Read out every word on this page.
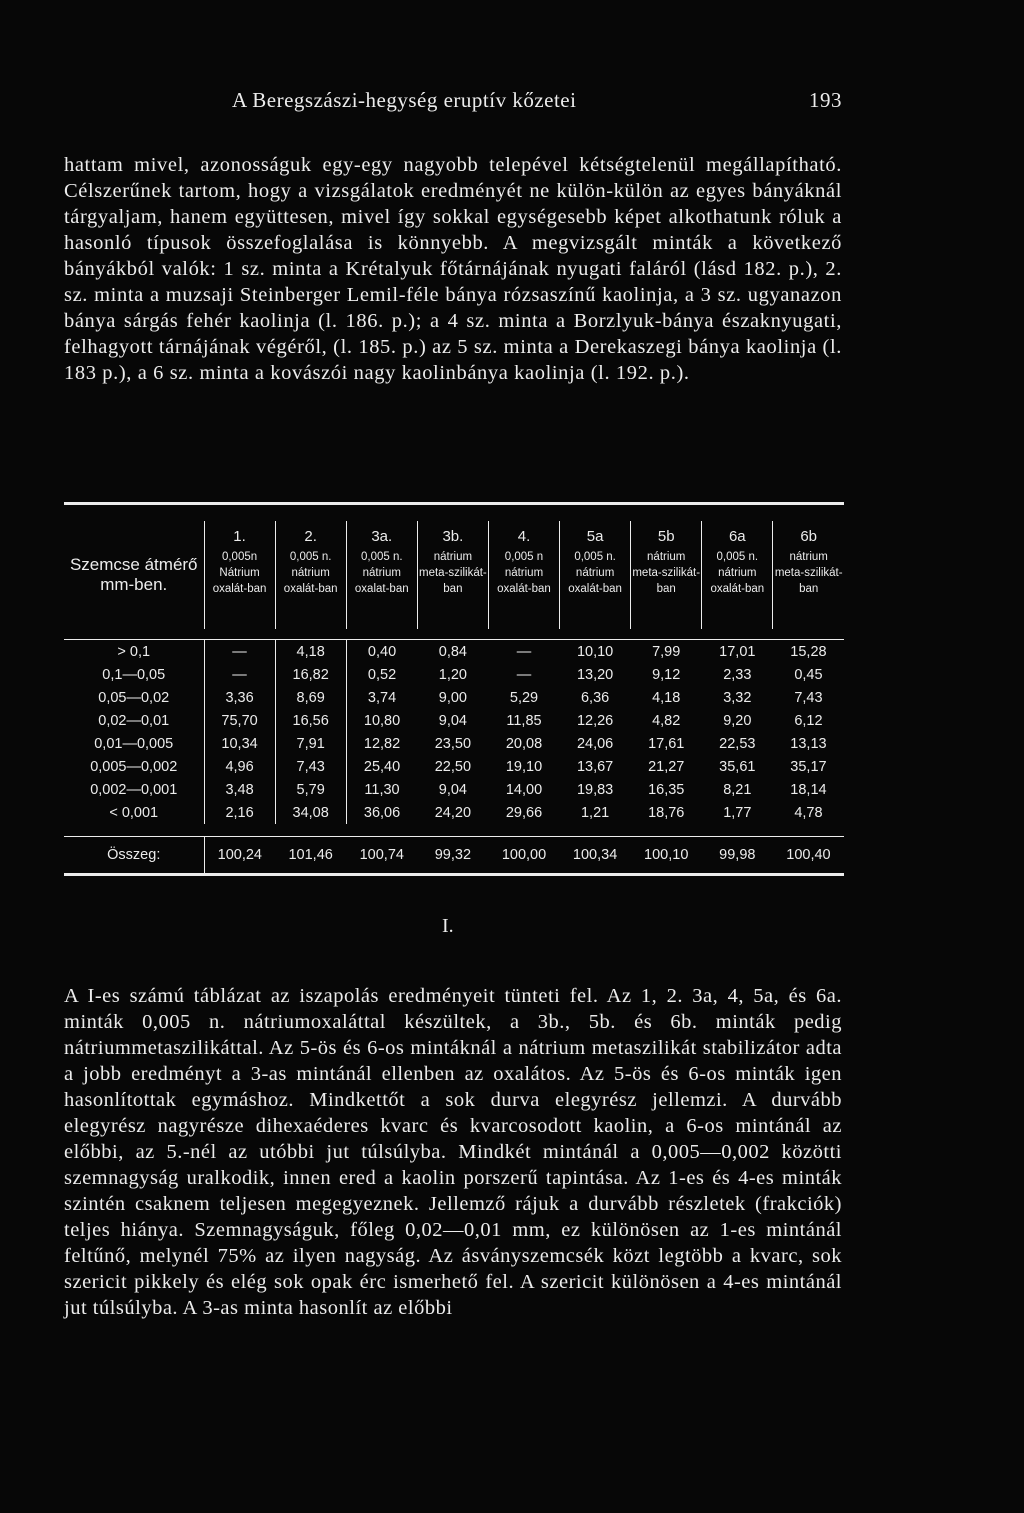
A Beregszászi-hegység eruptív kőzetei	193

hattam mivel, azonosságuk egy-egy nagyobb telepével kétségtelenül megállapítható. Célszerűnek tartom, hogy a vizsgálatok eredményét ne külön-külön az egyes bányáknál tárgyaljam, hanem együttesen, mivel így sokkal egységesebb képet alkothatunk róluk a hasonló típusok összefoglalása is könnyebb. A megvizsgált minták a következő bányákból valók: 1 sz. minta a Krétalyuk főtárnájának nyugati faláról (lásd 182. p.), 2. sz. minta a muzsaji Steinberger Lemil-féle bánya rózsaszínű kaolinja, a 3 sz. ugyanazon bánya sárgás fehér kaolinja (l. 186. p.); a 4 sz. minta a Borzlyuk-bánya északnyugati, felhagyott tárnájának végéről, (l. 185. p.) az 5 sz. minta a Derekaszegi bánya kaolinja (l. 183 p.), a 6 sz. minta a kovászói nagy kaolinbánya kaolinja (l. 192. p.).

Szemcse átmérő mm-ben.	1.	2.	3a.	3b.	4.	5a	5b	6a	6b
	0,005n Nátrium oxalát-ban	0,005 n. nátrium oxalát-ban	0,005 n. nátrium oxalat-ban	nátrium meta-szilikát-ban	0,005 n nátrium oxalát-ban	0,005 n. nátrium oxalát-ban	nátrium meta-szilikát-ban	0,005 n. nátrium oxalát-ban	nátrium meta-szilikát-ban

> 0,1	—	4,18	0,40	0,84	—	10,10	7,99	17,01	15,28
0,1—0,05	—	16,82	0,52	1,20	—	13,20	9,12	2,33	0,45
0,05—0,02	3,36	8,69	3,74	9,00	5,29	6,36	4,18	3,32	7,43
0,02—0,01	75,70	16,56	10,80	9,04	11,85	12,26	4,82	9,20	6,12
0,01—0,005	10,34	7,91	12,82	23,50	20,08	24,06	17,61	22,53	13,13
0,005—0,002	4,96	7,43	25,40	22,50	19,10	13,67	21,27	35,61	35,17
0,002—0,001	3,48	5,79	11,30	9,04	14,00	19,83	16,35	8,21	18,14
< 0,001	2,16	34,08	36,06	24,20	29,66	1,21	18,76	1,77	4,78

Összeg:	100,24	101,46	100,74	99,32	100,00	100,34	100,10	99,98	100,40
I.

A I-es számú táblázat az iszapolás eredményeit tünteti fel. Az 1, 2. 3a, 4, 5a, és 6a. minták 0,005 n. nátriumoxaláttal készültek, a 3b., 5b. és 6b. minták pedig nátriummetaszilikáttal. Az 5-ös és 6-os mintáknál a nátrium metaszilikát stabilizátor adta a jobb eredményt a 3-as mintánál ellenben az oxalátos. Az 5-ös és 6-os minták igen hasonlítottak egymáshoz. Mindkettőt a sok durva elegyrész jellemzi. A durvább elegyrész nagyrésze dihexaéderes kvarc és kvarcosodott kaolin, a 6-os mintánál az előbbi, az 5.-nél az utóbbi jut túlsúlyba. Mindkét mintánál a 0,005—0,002 közötti szemnagyság uralkodik, innen ered a kaolin porszerű tapintása. Az 1-es és 4-es minták szintén csaknem teljesen megegyeznek. Jellemző rájuk a durvább részletek (frakciók) teljes hiánya. Szemnagyságuk, főleg 0,02—0,01 mm, ez különösen az 1-es mintánál feltűnő, melynél 75% az ilyen nagyság. Az ásványszemcsék közt legtöbb a kvarc, sok szericit pikkely és elég sok opak érc ismerhető fel. A szericit különösen a 4-es mintánál jut túlsúlyba. A 3-as minta hasonlít az előbbi
